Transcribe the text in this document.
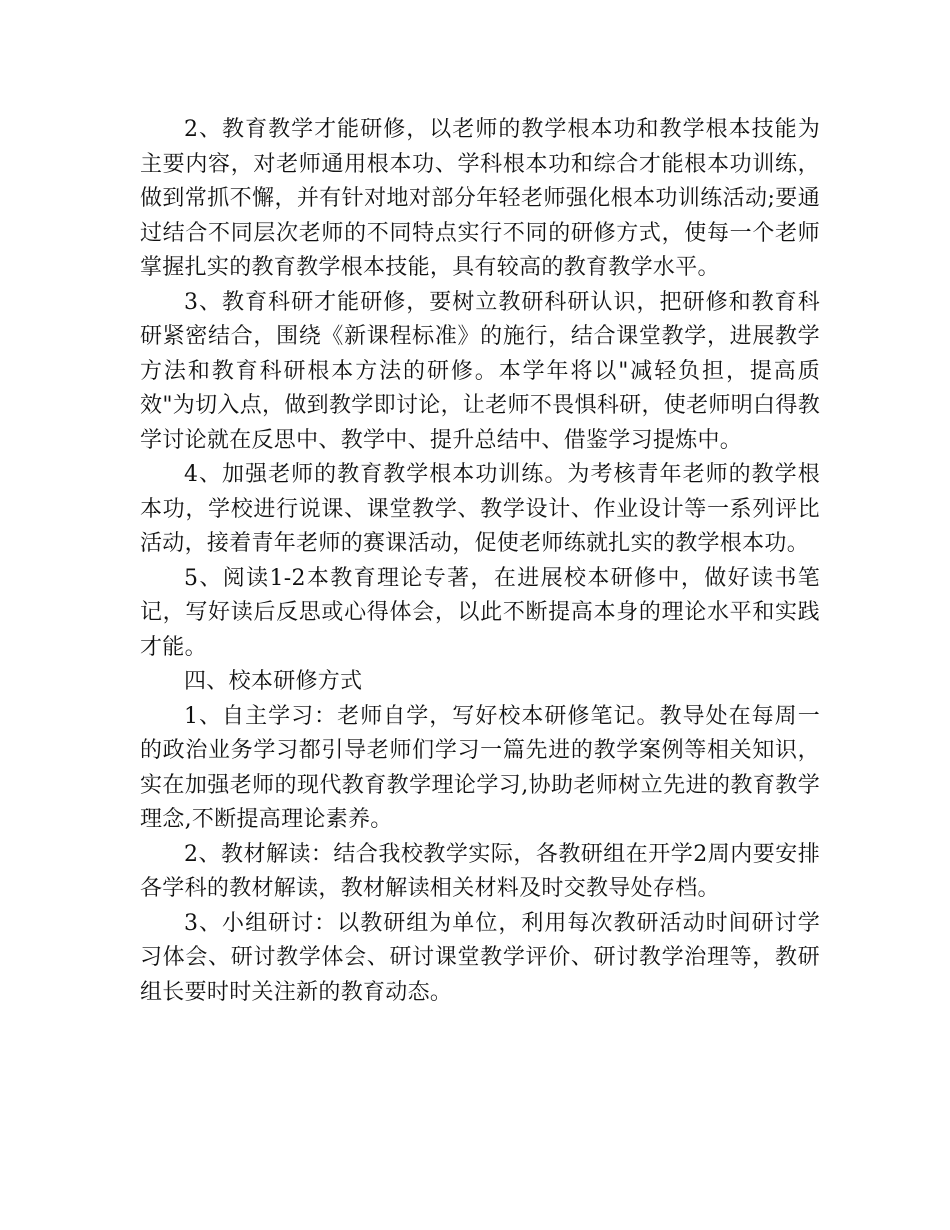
2、教育教学才能研修，以老师的教学根本功和教学根本技能为主要内容，对老师通用根本功、学科根本功和综合才能根本功训练，做到常抓不懈，并有针对地对部分年轻老师强化根本功训练活动;要通过结合不同层次老师的不同特点实行不同的研修方式，使每一个老师掌握扎实的教育教学根本技能，具有较高的教育教学水平。

3、教育科研才能研修，要树立教研科研认识，把研修和教育科研紧密结合，围绕《新课程标准》的施行，结合课堂教学，进展教学方法和教育科研根本方法的研修。本学年将以"减轻负担，提高质效"为切入点，做到教学即讨论，让老师不畏惧科研，使老师明白得教学讨论就在反思中、教学中、提升总结中、借鉴学习提炼中。

4、加强老师的教育教学根本功训练。为考核青年老师的教学根本功，学校进行说课、课堂教学、教学设计、作业设计等一系列评比活动，接着青年老师的赛课活动，促使老师练就扎实的教学根本功。

5、阅读1-2本教育理论专著，在进展校本研修中，做好读书笔记，写好读后反思或心得体会，以此不断提高本身的理论水平和实践才能。

四、校本研修方式

1、自主学习：老师自学，写好校本研修笔记。教导处在每周一的政治业务学习都引导老师们学习一篇先进的教学案例等相关知识，实在加强老师的现代教育教学理论学习,协助老师树立先进的教育教学理念,不断提高理论素养。

2、教材解读：结合我校教学实际，各教研组在开学2周内要安排各学科的教材解读，教材解读相关材料及时交教导处存档。

3、小组研讨：以教研组为单位，利用每次教研活动时间研讨学习体会、研讨教学体会、研讨课堂教学评价、研讨教学治理等，教研组长要时时关注新的教育动态。
